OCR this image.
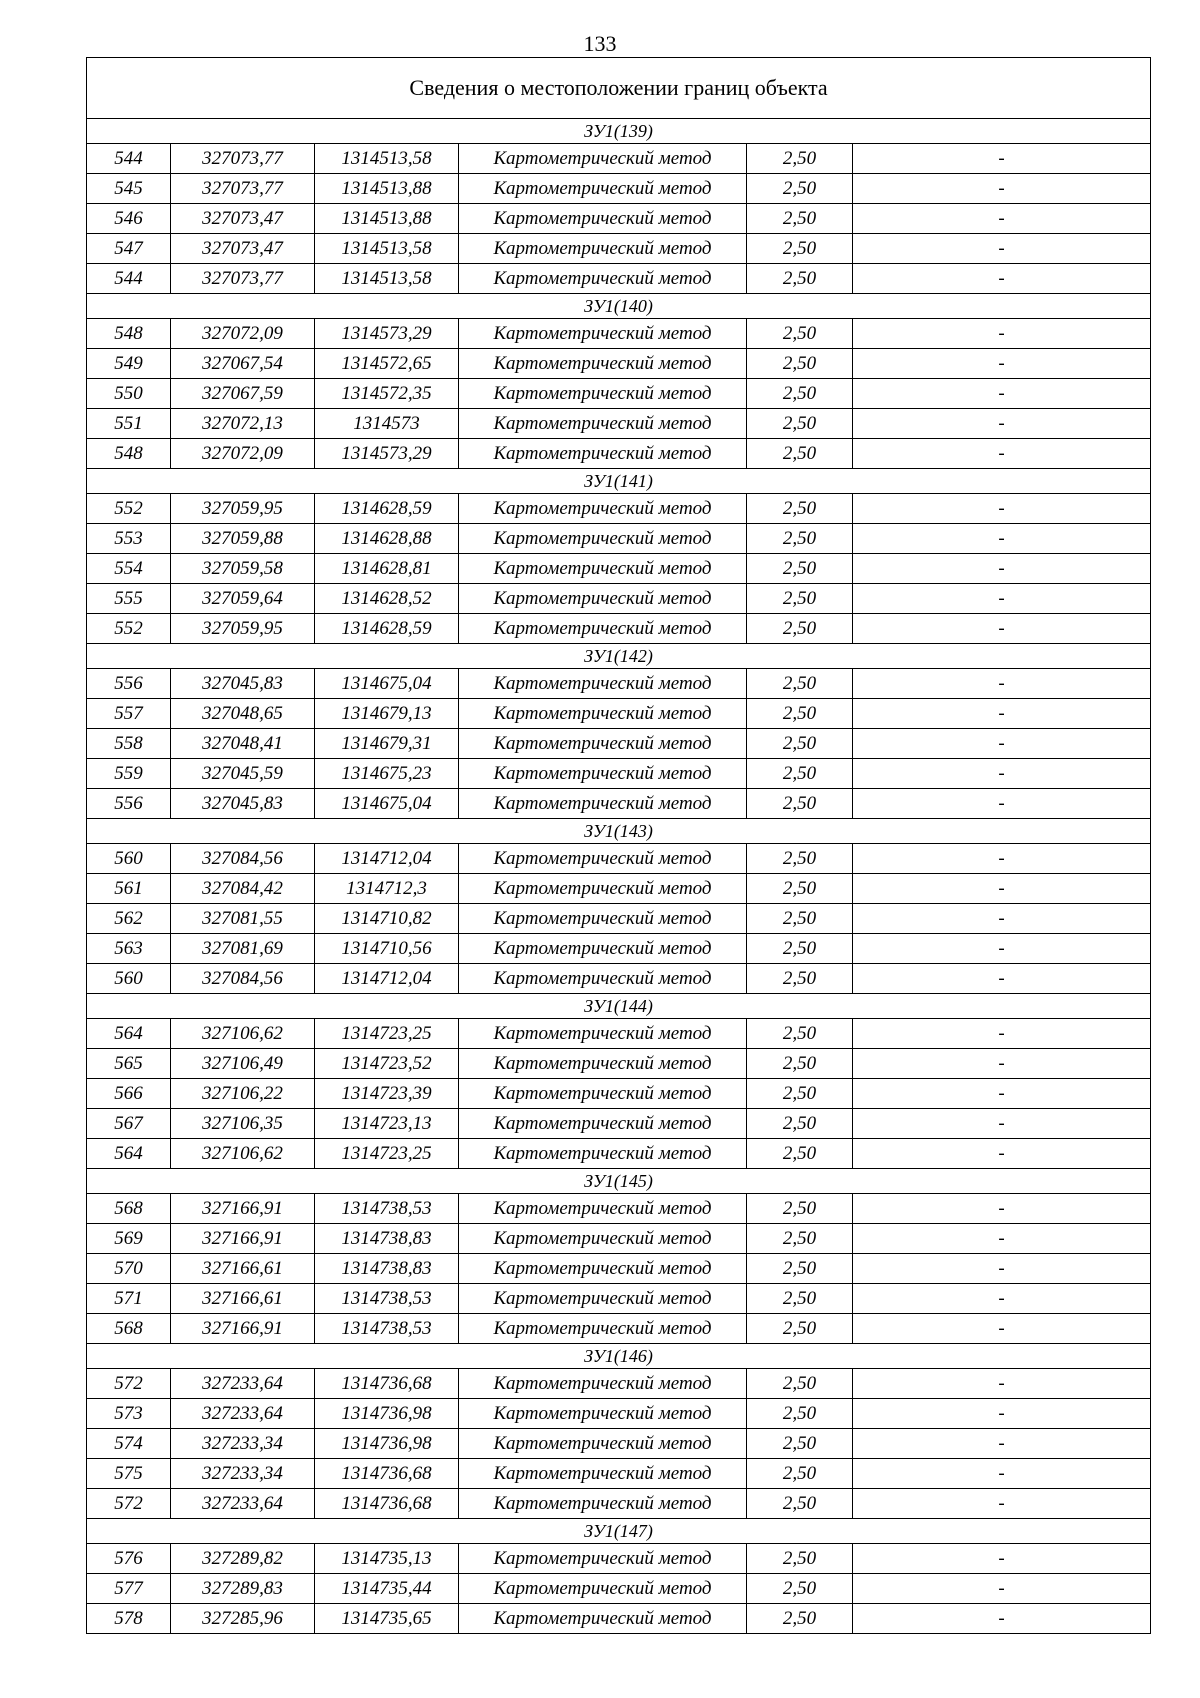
133
Сведения о местоположении границ объекта					
ЗУ1(139)					
544	327073,77	1314513,58	Картометрический метод	2,50	-
545	327073,77	1314513,88	Картометрический метод	2,50	-
546	327073,47	1314513,88	Картометрический метод	2,50	-
547	327073,47	1314513,58	Картометрический метод	2,50	-
544	327073,77	1314513,58	Картометрический метод	2,50	-
ЗУ1(140)					
548	327072,09	1314573,29	Картометрический метод	2,50	-
549	327067,54	1314572,65	Картометрический метод	2,50	-
550	327067,59	1314572,35	Картометрический метод	2,50	-
551	327072,13	1314573	Картометрический метод	2,50	-
548	327072,09	1314573,29	Картометрический метод	2,50	-
ЗУ1(141)					
552	327059,95	1314628,59	Картометрический метод	2,50	-
553	327059,88	1314628,88	Картометрический метод	2,50	-
554	327059,58	1314628,81	Картометрический метод	2,50	-
555	327059,64	1314628,52	Картометрический метод	2,50	-
552	327059,95	1314628,59	Картометрический метод	2,50	-
ЗУ1(142)					
556	327045,83	1314675,04	Картометрический метод	2,50	-
557	327048,65	1314679,13	Картометрический метод	2,50	-
558	327048,41	1314679,31	Картометрический метод	2,50	-
559	327045,59	1314675,23	Картометрический метод	2,50	-
556	327045,83	1314675,04	Картометрический метод	2,50	-
ЗУ1(143)					
560	327084,56	1314712,04	Картометрический метод	2,50	-
561	327084,42	1314712,3	Картометрический метод	2,50	-
562	327081,55	1314710,82	Картометрический метод	2,50	-
563	327081,69	1314710,56	Картометрический метод	2,50	-
560	327084,56	1314712,04	Картометрический метод	2,50	-
ЗУ1(144)					
564	327106,62	1314723,25	Картометрический метод	2,50	-
565	327106,49	1314723,52	Картометрический метод	2,50	-
566	327106,22	1314723,39	Картометрический метод	2,50	-
567	327106,35	1314723,13	Картометрический метод	2,50	-
564	327106,62	1314723,25	Картометрический метод	2,50	-
ЗУ1(145)					
568	327166,91	1314738,53	Картометрический метод	2,50	-
569	327166,91	1314738,83	Картометрический метод	2,50	-
570	327166,61	1314738,83	Картометрический метод	2,50	-
571	327166,61	1314738,53	Картометрический метод	2,50	-
568	327166,91	1314738,53	Картометрический метод	2,50	-
ЗУ1(146)					
572	327233,64	1314736,68	Картометрический метод	2,50	-
573	327233,64	1314736,98	Картометрический метод	2,50	-
574	327233,34	1314736,98	Картометрический метод	2,50	-
575	327233,34	1314736,68	Картометрический метод	2,50	-
572	327233,64	1314736,68	Картометрический метод	2,50	-
ЗУ1(147)					
576	327289,82	1314735,13	Картометрический метод	2,50	-
577	327289,83	1314735,44	Картометрический метод	2,50	-
578	327285,96	1314735,65	Картометрический метод	2,50	-
